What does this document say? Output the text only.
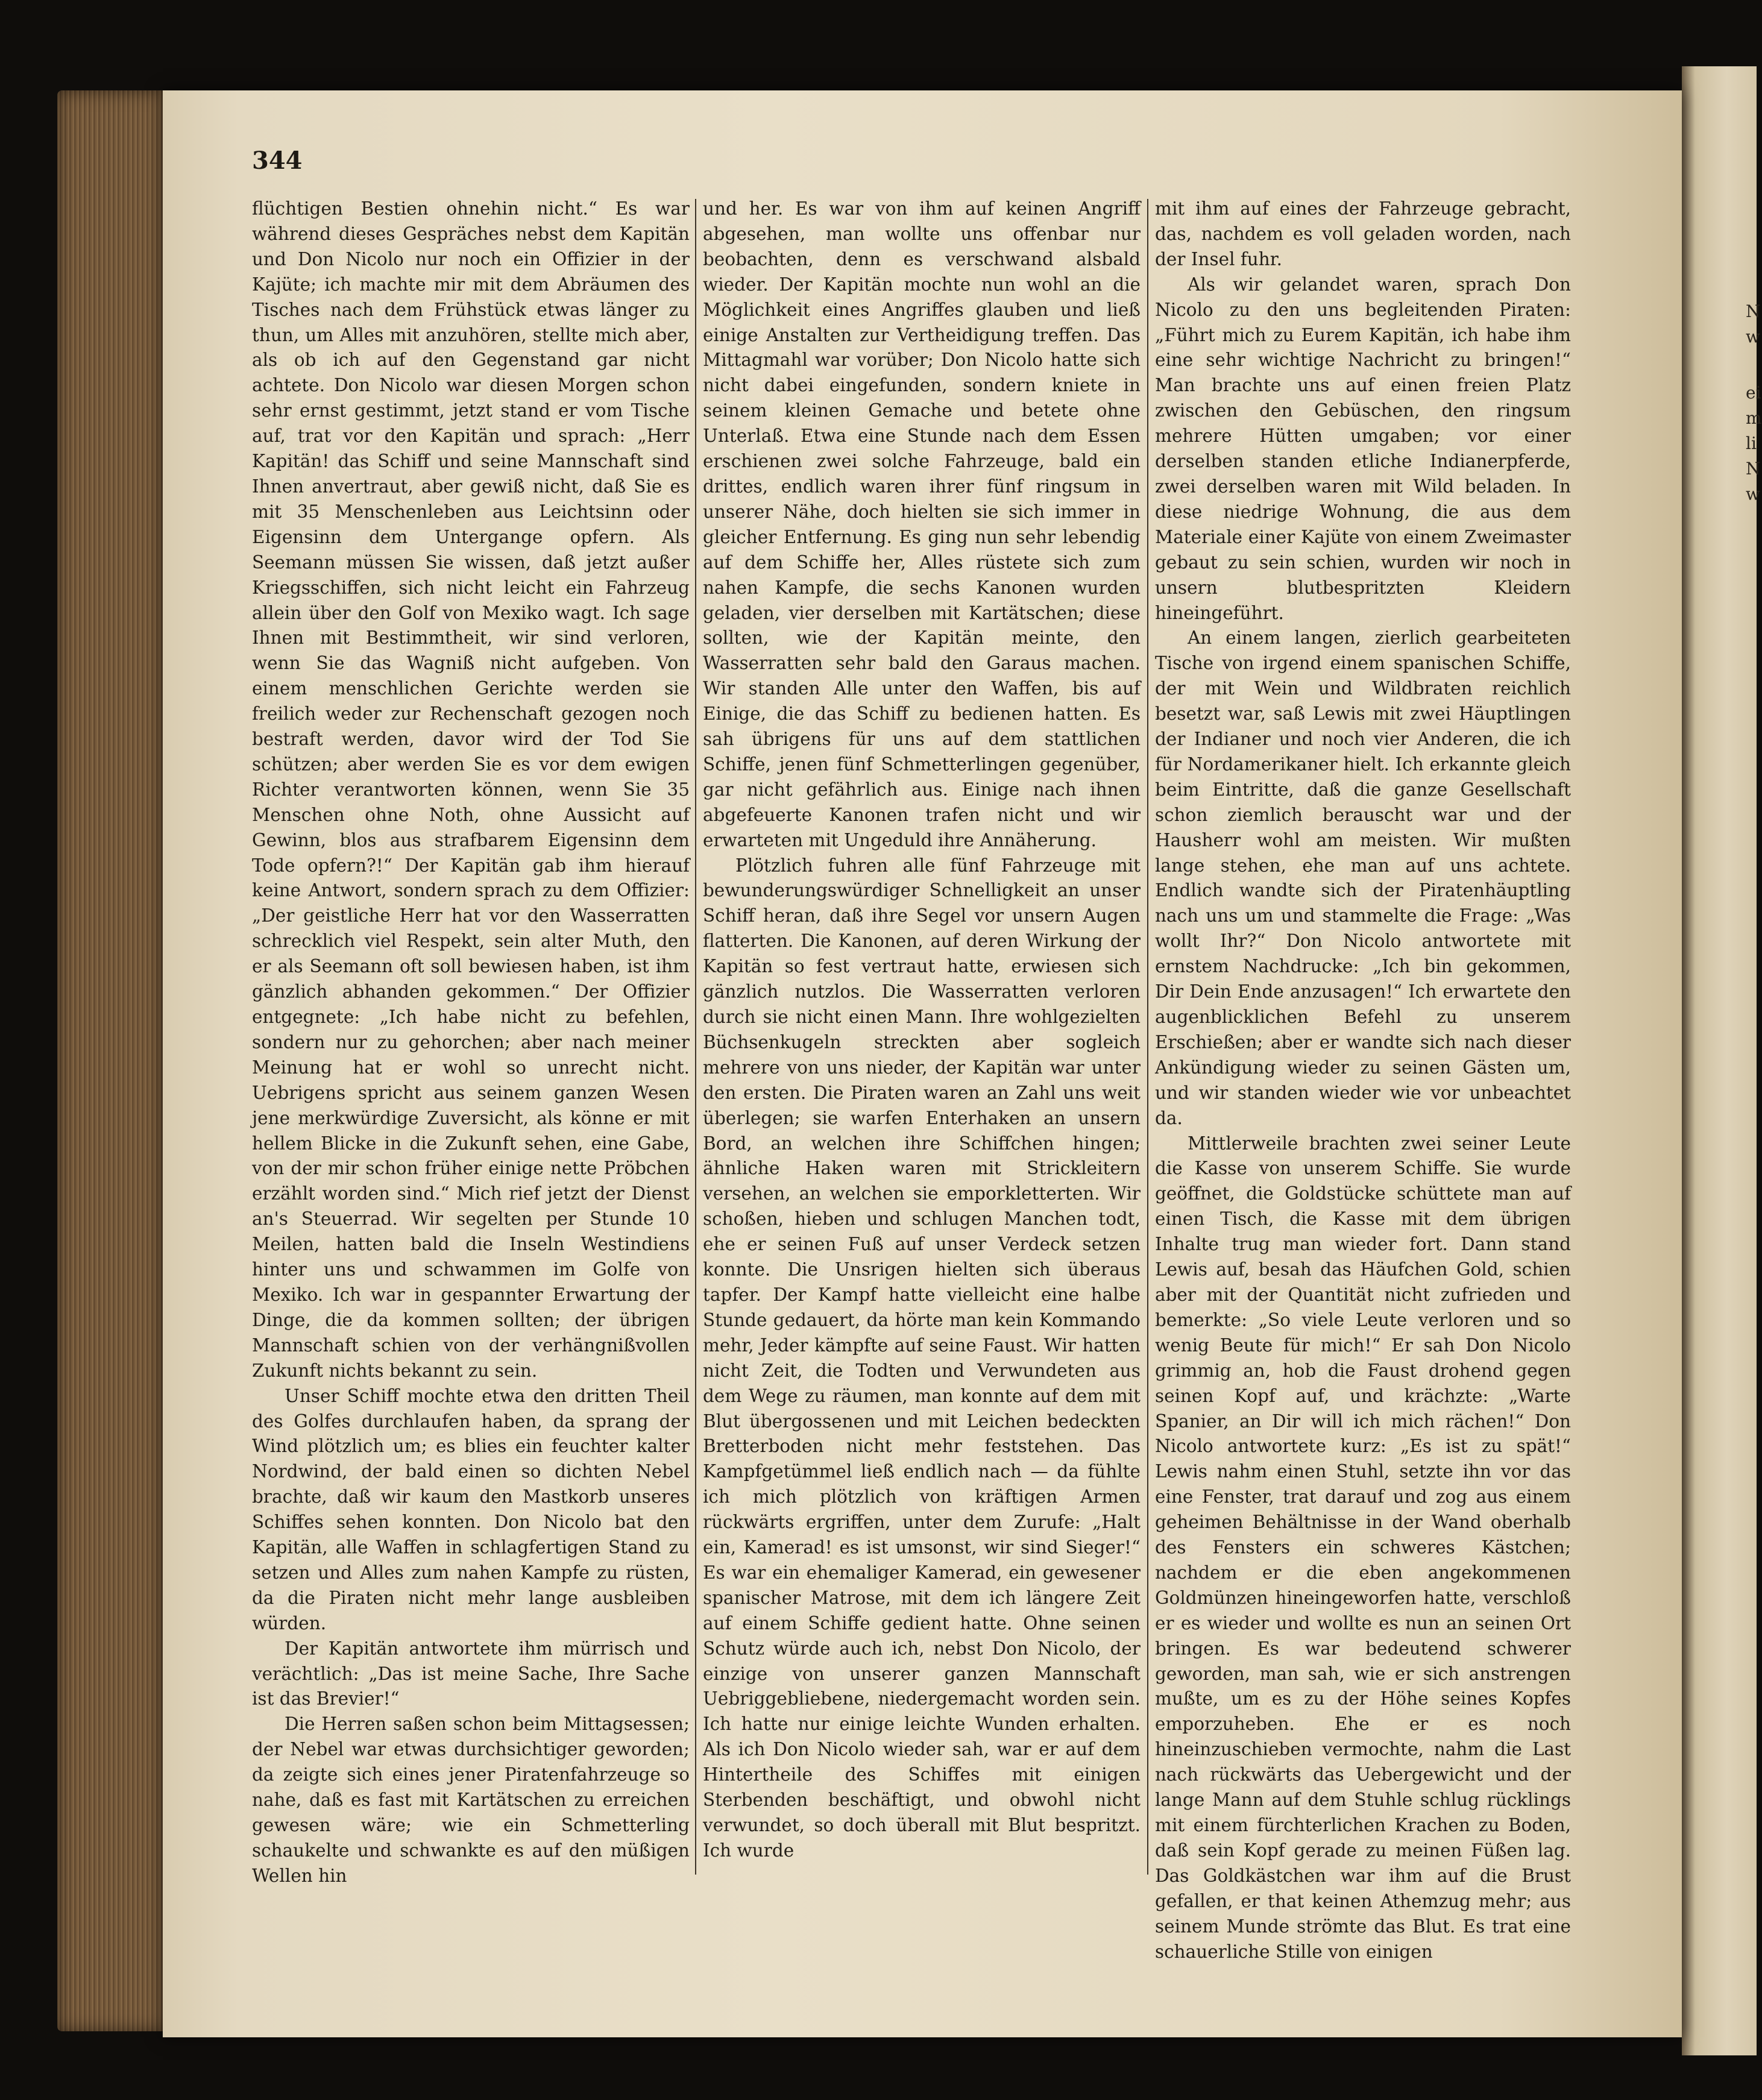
N
w
ei
m
li
N
w
344

flüchtigen Bestien ohnehin nicht.“ Es war während dieses Gespräches nebst dem Kapitän und Don Nicolo nur noch ein Offizier in der Kajüte; ich machte mir mit dem Abräumen des Tisches nach dem Frühstück etwas länger zu thun, um Alles mit anzuhören, stellte mich aber, als ob ich auf den Gegenstand gar nicht achtete. Don Nicolo war diesen Morgen schon sehr ernst gestimmt, jetzt stand er vom Tische auf, trat vor den Kapitän und sprach: „Herr Kapitän! das Schiff und seine Mannschaft sind Ihnen anvertraut, aber gewiß nicht, daß Sie es mit 35 Menschenleben aus Leichtsinn oder Eigensinn dem Untergange opfern. Als Seemann müssen Sie wissen, daß jetzt außer Kriegsschiffen, sich nicht leicht ein Fahrzeug allein über den Golf von Mexiko wagt. Ich sage Ihnen mit Bestimmtheit, wir sind verloren, wenn Sie das Wagniß nicht aufgeben. Von einem menschlichen Gerichte werden sie freilich weder zur Rechenschaft gezogen noch bestraft werden, davor wird der Tod Sie schützen; aber werden Sie es vor dem ewigen Richter verantworten können, wenn Sie 35 Menschen ohne Noth, ohne Aussicht auf Gewinn, blos aus strafbarem Eigensinn dem Tode opfern?!“ Der Kapitän gab ihm hierauf keine Antwort, sondern sprach zu dem Offizier: „Der geistliche Herr hat vor den Wasserratten schrecklich viel Respekt, sein alter Muth, den er als Seemann oft soll bewiesen haben, ist ihm gänzlich abhanden gekommen.“ Der Offizier entgegnete: „Ich habe nicht zu befehlen, sondern nur zu gehorchen; aber nach meiner Meinung hat er wohl so unrecht nicht. Uebrigens spricht aus seinem ganzen Wesen jene merkwürdige Zuversicht, als könne er mit hellem Blicke in die Zukunft sehen, eine Gabe, von der mir schon früher einige nette Pröbchen erzählt worden sind.“ Mich rief jetzt der Dienst an's Steuerrad. Wir segelten per Stunde 10 Meilen, hatten bald die Inseln Westindiens hinter uns und schwammen im Golfe von Mexiko. Ich war in gespannter Erwartung der Dinge, die da kommen sollten; der übrigen Mannschaft schien von der verhängnißvollen Zukunft nichts bekannt zu sein.

Unser Schiff mochte etwa den dritten Theil des Golfes durchlaufen haben, da sprang der Wind plötzlich um; es blies ein feuchter kalter Nordwind, der bald einen so dichten Nebel brachte, daß wir kaum den Mastkorb unseres Schiffes sehen konnten. Don Nicolo bat den Kapitän, alle Waffen in schlagfertigen Stand zu setzen und Alles zum nahen Kampfe zu rüsten, da die Piraten nicht mehr lange ausbleiben würden.

Der Kapitän antwortete ihm mürrisch und verächtlich: „Das ist meine Sache, Ihre Sache ist das Brevier!“

Die Herren saßen schon beim Mittagsessen; der Nebel war etwas durchsichtiger geworden; da zeigte sich eines jener Piratenfahrzeuge so nahe, daß es fast mit Kartätschen zu erreichen gewesen wäre; wie ein Schmetterling schaukelte und schwankte es auf den müßigen Wellen hin

und her. Es war von ihm auf keinen Angriff abgesehen, man wollte uns offenbar nur beobachten, denn es verschwand alsbald wieder. Der Kapitän mochte nun wohl an die Möglichkeit eines Angriffes glauben und ließ einige Anstalten zur Vertheidigung treffen. Das Mittagmahl war vorüber; Don Nicolo hatte sich nicht dabei eingefunden, sondern kniete in seinem kleinen Gemache und betete ohne Unterlaß. Etwa eine Stunde nach dem Essen erschienen zwei solche Fahrzeuge, bald ein drittes, endlich waren ihrer fünf ringsum in unserer Nähe, doch hielten sie sich immer in gleicher Entfernung. Es ging nun sehr lebendig auf dem Schiffe her, Alles rüstete sich zum nahen Kampfe, die sechs Kanonen wurden geladen, vier derselben mit Kartätschen; diese sollten, wie der Kapitän meinte, den Wasserratten sehr bald den Garaus machen. Wir standen Alle unter den Waffen, bis auf Einige, die das Schiff zu bedienen hatten. Es sah übrigens für uns auf dem stattlichen Schiffe, jenen fünf Schmetterlingen gegenüber, gar nicht gefährlich aus. Einige nach ihnen abgefeuerte Kanonen trafen nicht und wir erwarteten mit Ungeduld ihre Annäherung.

Plötzlich fuhren alle fünf Fahrzeuge mit bewunderungswürdiger Schnelligkeit an unser Schiff heran, daß ihre Segel vor unsern Augen flatterten. Die Kanonen, auf deren Wirkung der Kapitän so fest vertraut hatte, erwiesen sich gänzlich nutzlos. Die Wasserratten verloren durch sie nicht einen Mann. Ihre wohlgezielten Büchsenkugeln streckten aber sogleich mehrere von uns nieder, der Kapitän war unter den ersten. Die Piraten waren an Zahl uns weit überlegen; sie warfen Enterhaken an unsern Bord, an welchen ihre Schiffchen hingen; ähnliche Haken waren mit Strickleitern versehen, an welchen sie emporkletterten. Wir schoßen, hieben und schlugen Manchen todt, ehe er seinen Fuß auf unser Verdeck setzen konnte. Die Unsrigen hielten sich überaus tapfer. Der Kampf hatte vielleicht eine halbe Stunde gedauert, da hörte man kein Kommando mehr, Jeder kämpfte auf seine Faust. Wir hatten nicht Zeit, die Todten und Verwundeten aus dem Wege zu räumen, man konnte auf dem mit Blut übergossenen und mit Leichen bedeckten Bretterboden nicht mehr feststehen. Das Kampfgetümmel ließ endlich nach — da fühlte ich mich plötzlich von kräftigen Armen rückwärts ergriffen, unter dem Zurufe: „Halt ein, Kamerad! es ist umsonst, wir sind Sieger!“ Es war ein ehemaliger Kamerad, ein gewesener spanischer Matrose, mit dem ich längere Zeit auf einem Schiffe gedient hatte. Ohne seinen Schutz würde auch ich, nebst Don Nicolo, der einzige von unserer ganzen Mannschaft Uebriggebliebene, niedergemacht worden sein. Ich hatte nur einige leichte Wunden erhalten. Als ich Don Nicolo wieder sah, war er auf dem Hintertheile des Schiffes mit einigen Sterbenden beschäftigt, und obwohl nicht verwundet, so doch überall mit Blut bespritzt. Ich wurde

mit ihm auf eines der Fahrzeuge gebracht, das, nachdem es voll geladen worden, nach der Insel fuhr.

Als wir gelandet waren, sprach Don Nicolo zu den uns begleitenden Piraten: „Führt mich zu Eurem Kapitän, ich habe ihm eine sehr wichtige Nachricht zu bringen!“ Man brachte uns auf einen freien Platz zwischen den Gebüschen, den ringsum mehrere Hütten umgaben; vor einer derselben standen etliche Indianerpferde, zwei derselben waren mit Wild beladen. In diese niedrige Wohnung, die aus dem Materiale einer Kajüte von einem Zweimaster gebaut zu sein schien, wurden wir noch in unsern blutbespritzten Kleidern hineingeführt.

An einem langen, zierlich gearbeiteten Tische von irgend einem spanischen Schiffe, der mit Wein und Wildbraten reichlich besetzt war, saß Lewis mit zwei Häuptlingen der Indianer und noch vier Anderen, die ich für Nordamerikaner hielt. Ich erkannte gleich beim Eintritte, daß die ganze Gesellschaft schon ziemlich berauscht war und der Hausherr wohl am meisten. Wir mußten lange stehen, ehe man auf uns achtete. Endlich wandte sich der Piratenhäuptling nach uns um und stammelte die Frage: „Was wollt Ihr?“ Don Nicolo antwortete mit ernstem Nachdrucke: „Ich bin gekommen, Dir Dein Ende anzusagen!“ Ich erwartete den augenblicklichen Befehl zu unserem Erschießen; aber er wandte sich nach dieser Ankündigung wieder zu seinen Gästen um, und wir standen wieder wie vor unbeachtet da.

Mittlerweile brachten zwei seiner Leute die Kasse von unserem Schiffe. Sie wurde geöffnet, die Goldstücke schüttete man auf einen Tisch, die Kasse mit dem übrigen Inhalte trug man wieder fort. Dann stand Lewis auf, besah das Häufchen Gold, schien aber mit der Quantität nicht zufrieden und bemerkte: „So viele Leute verloren und so wenig Beute für mich!“ Er sah Don Nicolo grimmig an, hob die Faust drohend gegen seinen Kopf auf, und krächzte: „Warte Spanier, an Dir will ich mich rächen!“ Don Nicolo antwortete kurz: „Es ist zu spät!“ Lewis nahm einen Stuhl, setzte ihn vor das eine Fenster, trat darauf und zog aus einem geheimen Behältnisse in der Wand oberhalb des Fensters ein schweres Kästchen; nachdem er die eben angekommenen Goldmünzen hineingeworfen hatte, verschloß er es wieder und wollte es nun an seinen Ort bringen. Es war bedeutend schwerer geworden, man sah, wie er sich anstrengen mußte, um es zu der Höhe seines Kopfes emporzuheben. Ehe er es noch hineinzuschieben vermochte, nahm die Last nach rückwärts das Uebergewicht und der lange Mann auf dem Stuhle schlug rücklings mit einem fürchterlichen Krachen zu Boden, daß sein Kopf gerade zu meinen Füßen lag. Das Goldkästchen war ihm auf die Brust gefallen, er that keinen Athemzug mehr; aus seinem Munde strömte das Blut. Es trat eine schauerliche Stille von einigen
